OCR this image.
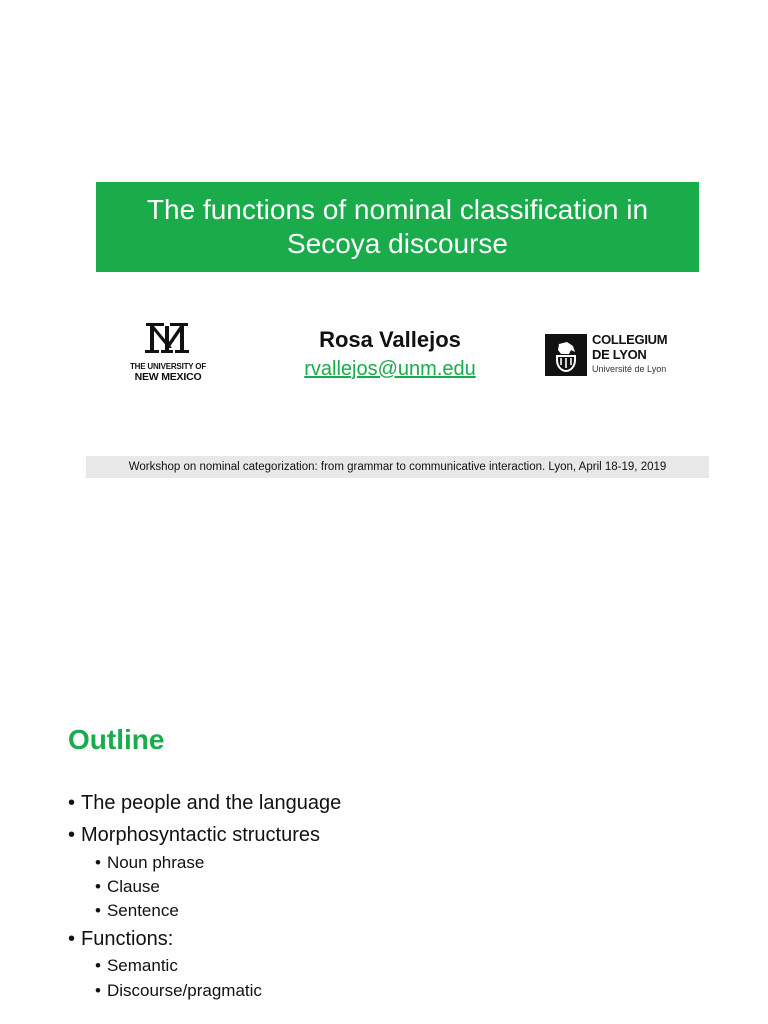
The functions of nominal classification in
Secoya discourse
THE UNIVERSITY OF
NEW MEXICO
Rosa Vallejos
rvallejos@unm.edu
COLLEGIUM
DE LYON
Université de Lyon
Workshop on nominal categorization: from grammar to communicative interaction. Lyon, April 18-19, 2019
Outline
• The people and the language
• Morphosyntactic structures
• Noun phrase
• Clause
• Sentence
• Functions:
• Semantic
• Discourse/pragmatic
